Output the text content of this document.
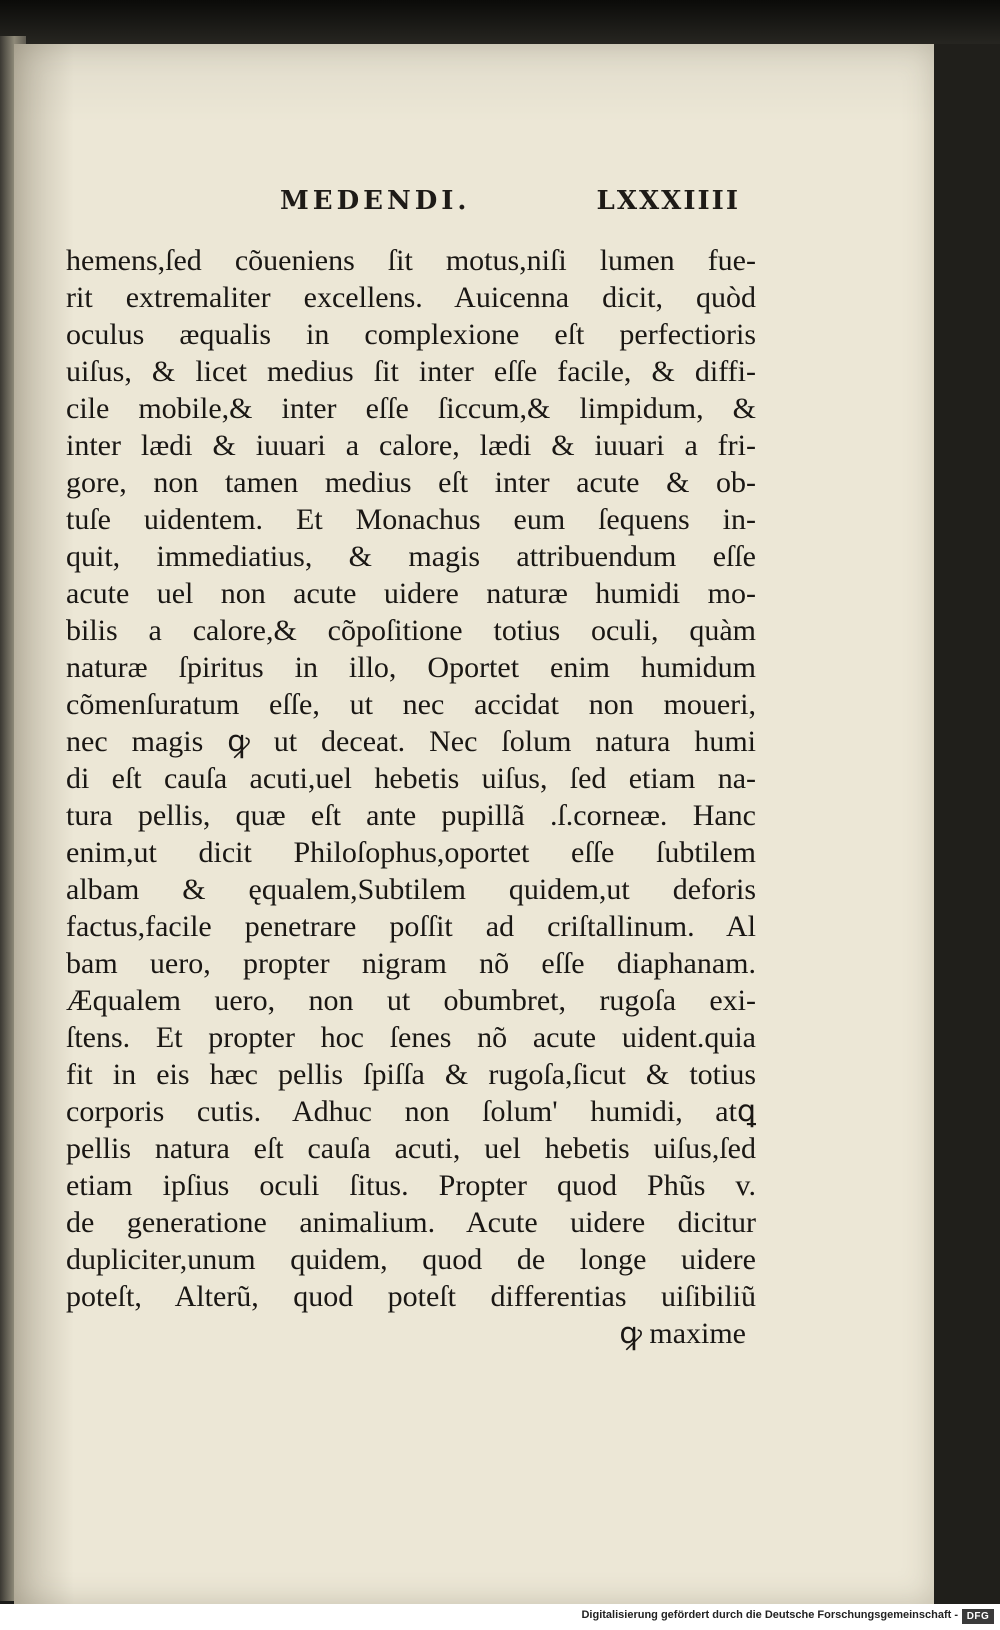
MEDENDI.	LXXXIIII
hemens,ſed cõueniens ſit motus,niſi lumen fue-
rit extremaliter excellens. Auicenna dicit, quòd
oculus æqualis in complexione eſt perfectioris
uiſus, & licet medius ſit inter eſſe facile, & diffi-
cile mobile,& inter eſſe ſiccum,& limpidum, &
inter lædi & iuuari a calore, lædi & iuuari a fri-
gore, non tamen medius eſt inter acute & ob-
tuſe uidentem. Et Monachus eum ſequens in-
quit, immediatius, & magis attribuendum eſſe
acute uel non acute uidere naturæ humidi mo-
bilis a calore,& cõpoſitione totius oculi, quàm
naturæ ſpiritus in illo, Oportet enim humidum
cõmenſuratum eſſe, ut nec accidat non moueri,
nec magis ꝙ ut deceat. Nec ſolum natura humi
di eſt cauſa acuti,uel hebetis uiſus, ſed etiam na-
tura pellis, quæ eſt ante pupillã .ſ.corneæ. Hanc
enim,ut dicit Philoſophus,oportet eſſe ſubtilem
albam & ęqualem,Subtilem quidem,ut deforis
factus,facile penetrare poſſit ad criſtallinum. Al
bam uero, propter nigram nõ eſſe diaphanam.
Æqualem uero, non ut obumbret, rugoſa exi-
ſtens. Et propter hoc ſenes nõ acute uident.quia
fit in eis hæc pellis ſpiſſa & rugoſa,ſicut & totius
corporis cutis. Adhuc non ſolum' humidi, atꝗ
pellis natura eſt cauſa acuti, uel hebetis uiſus,ſed
etiam ipſius oculi ſitus. Propter quod Phũs v.
de generatione animalium. Acute uidere dicitur
dupliciter,unum quidem, quod de longe uidere
poteſt, Alterũ, quod poteſt differentias uiſibiliũ
ꝙ maxime
Digitalisierung gefördert durch die Deutsche Forschungsgemeinschaft - DFG
